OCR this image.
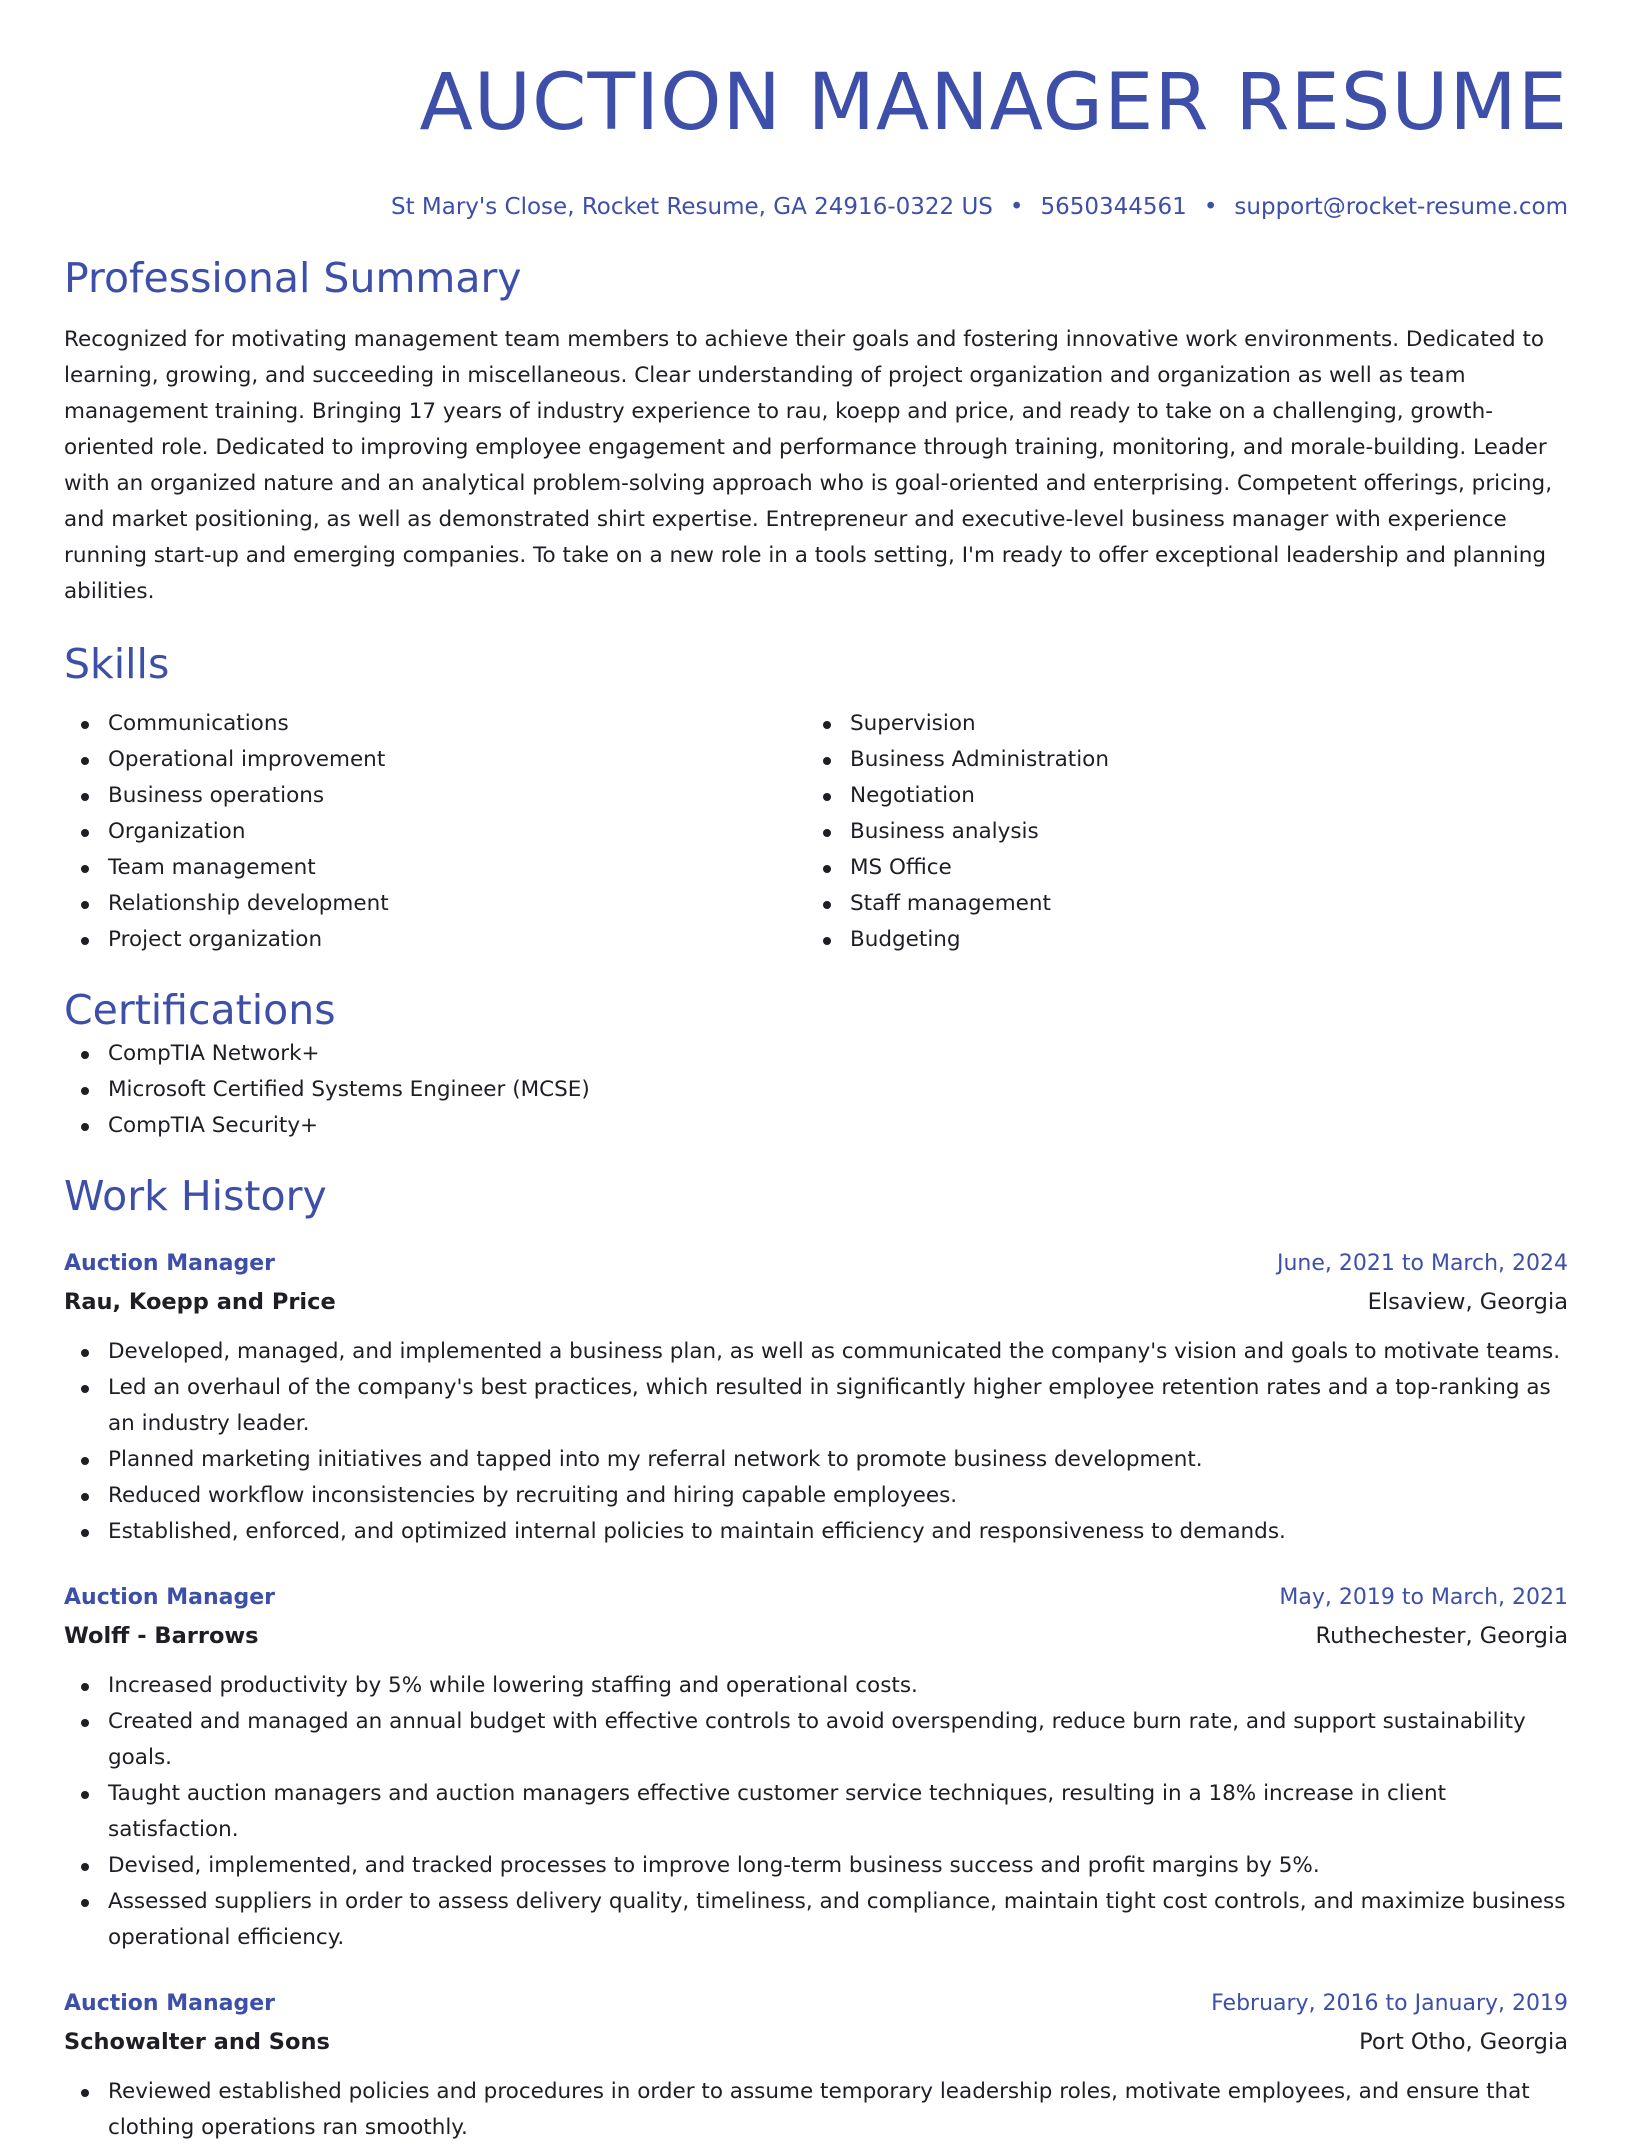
AUCTION MANAGER RESUME
St Mary's Close, Rocket Resume, GA 24916-0322 US • 5650344561 • support@rocket-resume.com
Professional Summary

Recognized for motivating management team members to achieve their goals and fostering innovative work environments. Dedicated to learning, growing, and succeeding in miscellaneous. Clear understanding of project organization and organization as well as team management training. Bringing 17 years of industry experience to rau, koepp and price, and ready to take on a challenging, growth-oriented role. Dedicated to improving employee engagement and performance through training, monitoring, and morale-building. Leader with an organized nature and an analytical problem-solving approach who is goal-oriented and enterprising. Competent offerings, pricing, and market positioning, as well as demonstrated shirt expertise. Entrepreneur and executive-level business manager with experience running start-up and emerging companies. To take on a new role in a tools setting, I'm ready to offer exceptional leadership and planning abilities.

Skills
Communications
Operational improvement
Business operations
Organization
Team management
Relationship development
Project organization
Supervision
Business Administration
Negotiation
Business analysis
MS Office
Staff management
Budgeting
Certifications
CompTIA Network+
Microsoft Certified Systems Engineer (MCSE)
CompTIA Security+
Work History
Auction Manager	June, 2021 to March, 2024
Rau, Koepp and Price	Elsaview, Georgia
Developed, managed, and implemented a business plan, as well as communicated the company's vision and goals to motivate teams.
Led an overhaul of the company's best practices, which resulted in significantly higher employee retention rates and a top-ranking as an industry leader.
Planned marketing initiatives and tapped into my referral network to promote business development.
Reduced workflow inconsistencies by recruiting and hiring capable employees.
Established, enforced, and optimized internal policies to maintain efficiency and responsiveness to demands.
Auction Manager	May, 2019 to March, 2021
Wolff - Barrows	Ruthechester, Georgia
Increased productivity by 5% while lowering staffing and operational costs.
Created and managed an annual budget with effective controls to avoid overspending, reduce burn rate, and support sustainability goals.
Taught auction managers and auction managers effective customer service techniques, resulting in a 18% increase in client satisfaction.
Devised, implemented, and tracked processes to improve long-term business success and profit margins by 5%.
Assessed suppliers in order to assess delivery quality, timeliness, and compliance, maintain tight cost controls, and maximize business operational efficiency.
Auction Manager	February, 2016 to January, 2019
Schowalter and Sons	Port Otho, Georgia
Reviewed established policies and procedures in order to assume temporary leadership roles, motivate employees, and ensure that clothing operations ran smoothly.
